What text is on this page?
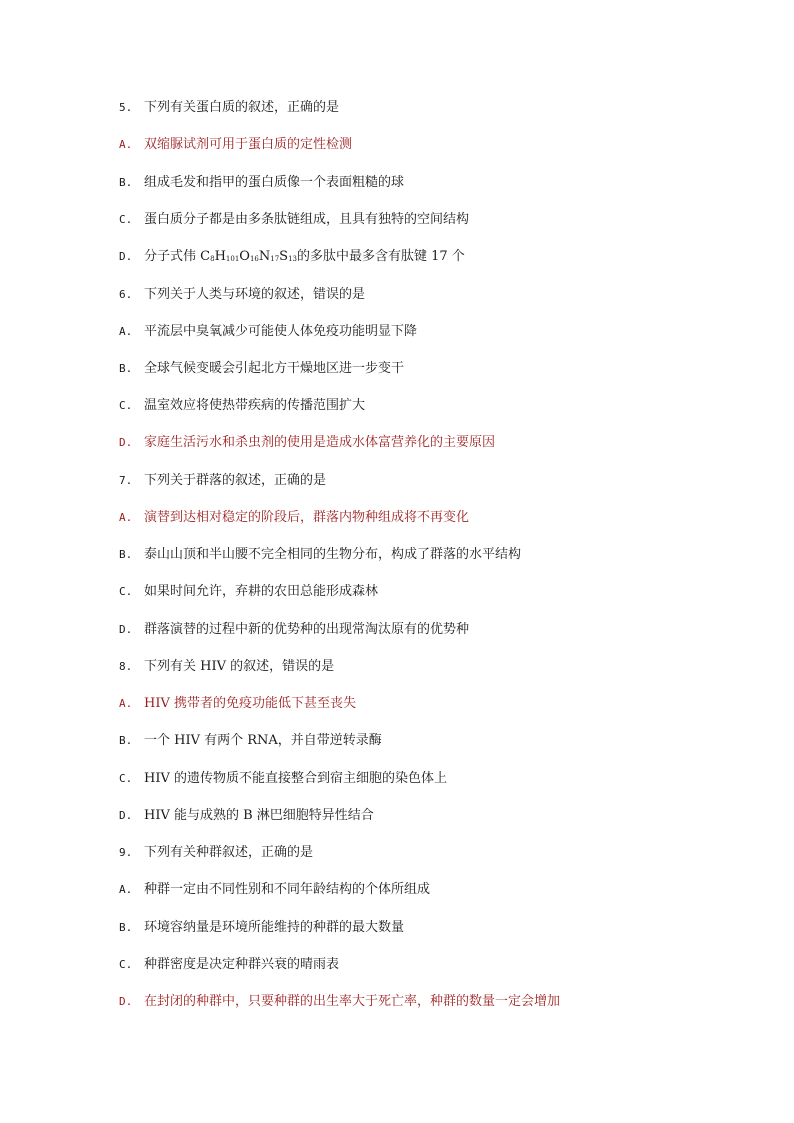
5. 下列有关蛋白质的叙述，正确的是
A. 双缩脲试剂可用于蛋白质的定性检测
B. 组成毛发和指甲的蛋白质像一个表面粗糙的球
C. 蛋白质分子都是由多条肽链组成，且具有独特的空间结构
D. 分子式伟 C8H101O16N17S13的多肽中最多含有肽键 17 个
6. 下列关于人类与环境的叙述，错误的是
A. 平流层中臭氧减少可能使人体免疫功能明显下降
B. 全球气候变暖会引起北方干燥地区进一步变干
C. 温室效应将使热带疾病的传播范围扩大
D. 家庭生活污水和杀虫剂的使用是造成水体富营养化的主要原因
7. 下列关于群落的叙述，正确的是
A. 演替到达相对稳定的阶段后，群落内物种组成将不再变化
B. 泰山山顶和半山腰不完全相同的生物分布，构成了群落的水平结构
C. 如果时间允许，弃耕的农田总能形成森林
D. 群落演替的过程中新的优势种的出现常淘汰原有的优势种
8. 下列有关 HIV 的叙述，错误的是
A. HIV 携带者的免疫功能低下甚至丧失
B. 一个 HIV 有两个 RNA，并自带逆转录酶
C. HIV 的遗传物质不能直接整合到宿主细胞的染色体上
D. HIV 能与成熟的 B 淋巴细胞特异性结合
9. 下列有关种群叙述，正确的是
A. 种群一定由不同性别和不同年龄结构的个体所组成
B. 环境容纳量是环境所能维持的种群的最大数量
C. 种群密度是决定种群兴衰的晴雨表
D. 在封闭的种群中，只要种群的出生率大于死亡率，种群的数量一定会增加
